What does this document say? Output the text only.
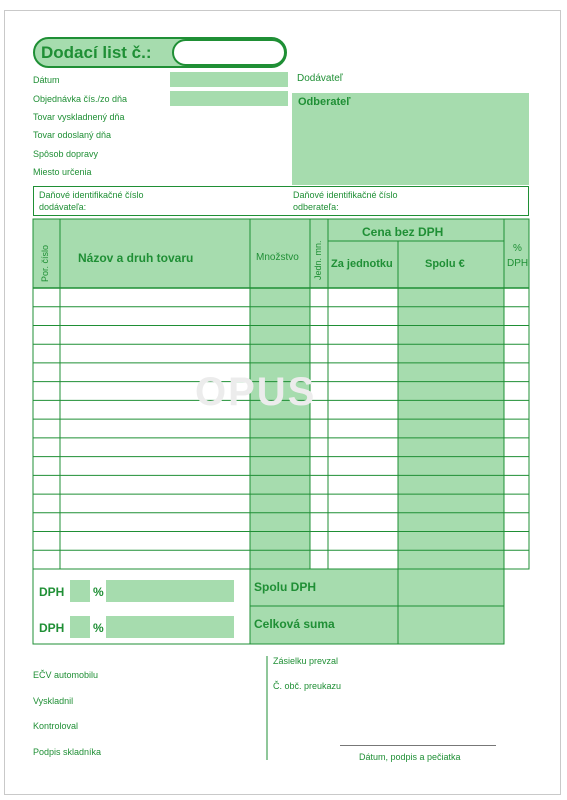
Dodací list č.:
Dátum
Objednávka čís./zo dňa
Tovar vyskladnený dňa
Tovar odoslaný dňa
Spôsob dopravy
Miesto určenia
Dodávateľ
Odberateľ
Daňové identifikačné číslo
dodávateľa:
Daňové identifikačné číslo
odberateľa:
Por. číslo Názov a druh tovaru	Množstvo Jedn. mn.
Cena bez DPH
Za jednotku	Spolu €
%
DPH
OPUS
DPH %
DPH %
Spolu DPH
Celková suma
EČV automobilu
Vyskladnil
Kontroloval
Podpis skladníka
Zásielku prevzal
Č. obč. preukazu
Dátum, podpis a pečiatka
